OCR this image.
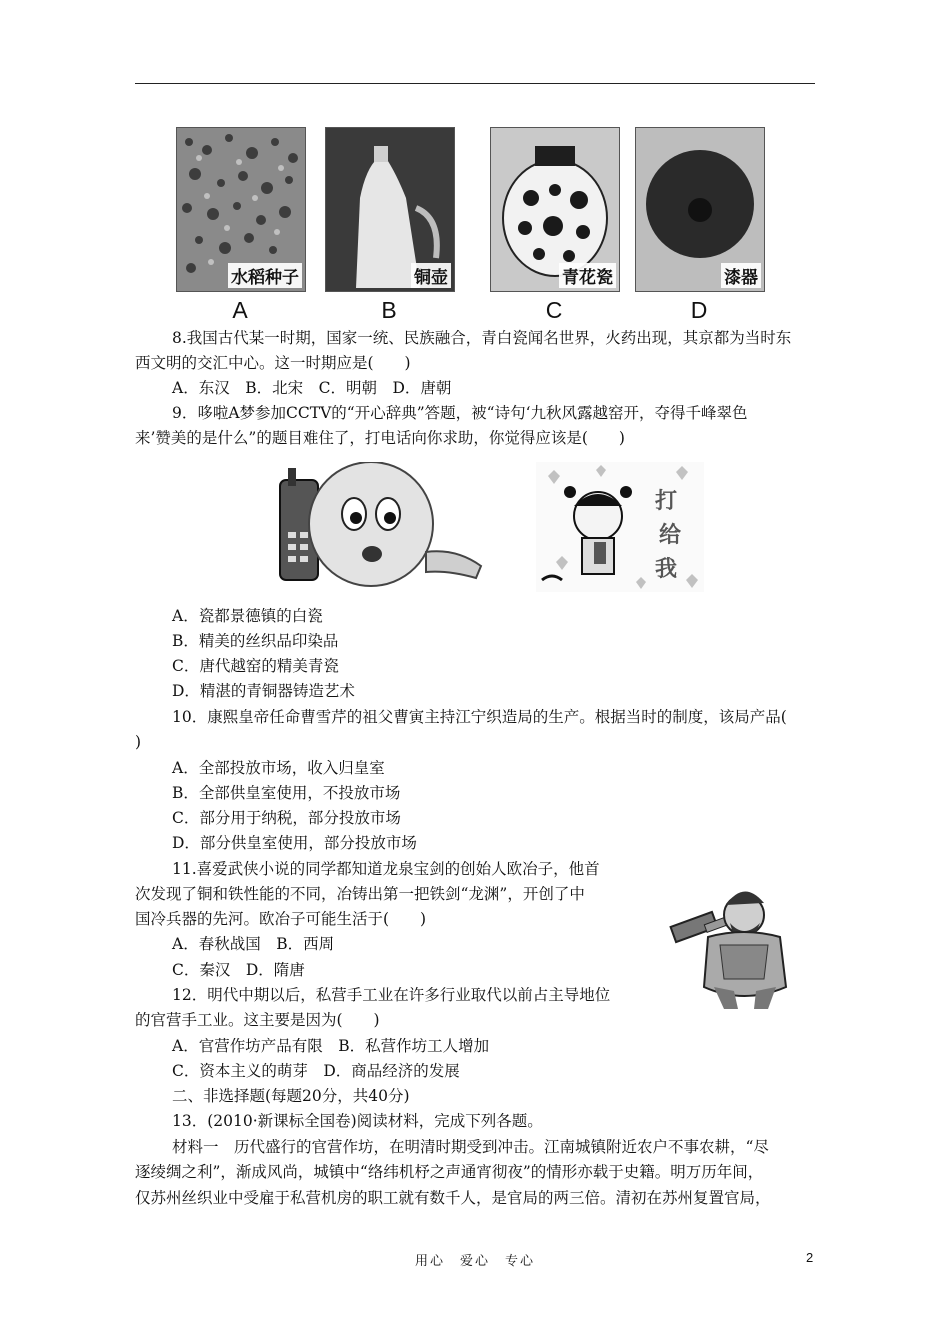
水稻种子	铜壶	青花瓷	漆器
A	B	C	D
8.我国古代某一时期，国家一统、民族融合，青白瓷闻名世界，火药出现，其京都为当时东
西文明的交汇中心。这一时期应是(　　)
A．东汉　B．北宋　C．明朝　D．唐朝
9．哆啦A梦参加CCTV的“开心辞典”答题，被“诗句‘九秋风露越窑开，夺得千峰翠色
来’赞美的是什么”的题目难住了，打电话向你求助，你觉得应该是(　　)
打
给
我
A．瓷都景德镇的白瓷
B．精美的丝织品印染品
C．唐代越窑的精美青瓷
D．精湛的青铜器铸造艺术
10．康熙皇帝任命曹雪芹的祖父曹寅主持江宁织造局的生产。根据当时的制度，该局产品(
)
A．全部投放市场，收入归皇室
B．全部供皇室使用，不投放市场
C．部分用于纳税，部分投放市场
D．部分供皇室使用，部分投放市场
11.喜爱武侠小说的同学都知道龙泉宝剑的创始人欧冶子，他首
次发现了铜和铁性能的不同，冶铸出第一把铁剑“龙渊”，开创了中
国冷兵器的先河。欧冶子可能生活于(　　)
A．春秋战国　B．西周
C．秦汉　D．隋唐
12．明代中期以后，私营手工业在许多行业取代以前占主导地位
的官营手工业。这主要是因为(　　)
A．官营作坊产品有限　B．私营作坊工人增加
C．资本主义的萌芽　D．商品经济的发展
二、非选择题(每题20分，共40分)
13．(2010·新课标全国卷)阅读材料，完成下列各题。
材料一　历代盛行的官营作坊，在明清时期受到冲击。江南城镇附近农户不事农耕，“尽
逐绫绸之利”，渐成风尚，城镇中“络纬机杼之声通宵彻夜”的情形亦载于史籍。明万历年间，
仅苏州丝织业中受雇于私营机房的职工就有数千人，是官局的两三倍。清初在苏州复置官局，
用心　爱心　专心	2
